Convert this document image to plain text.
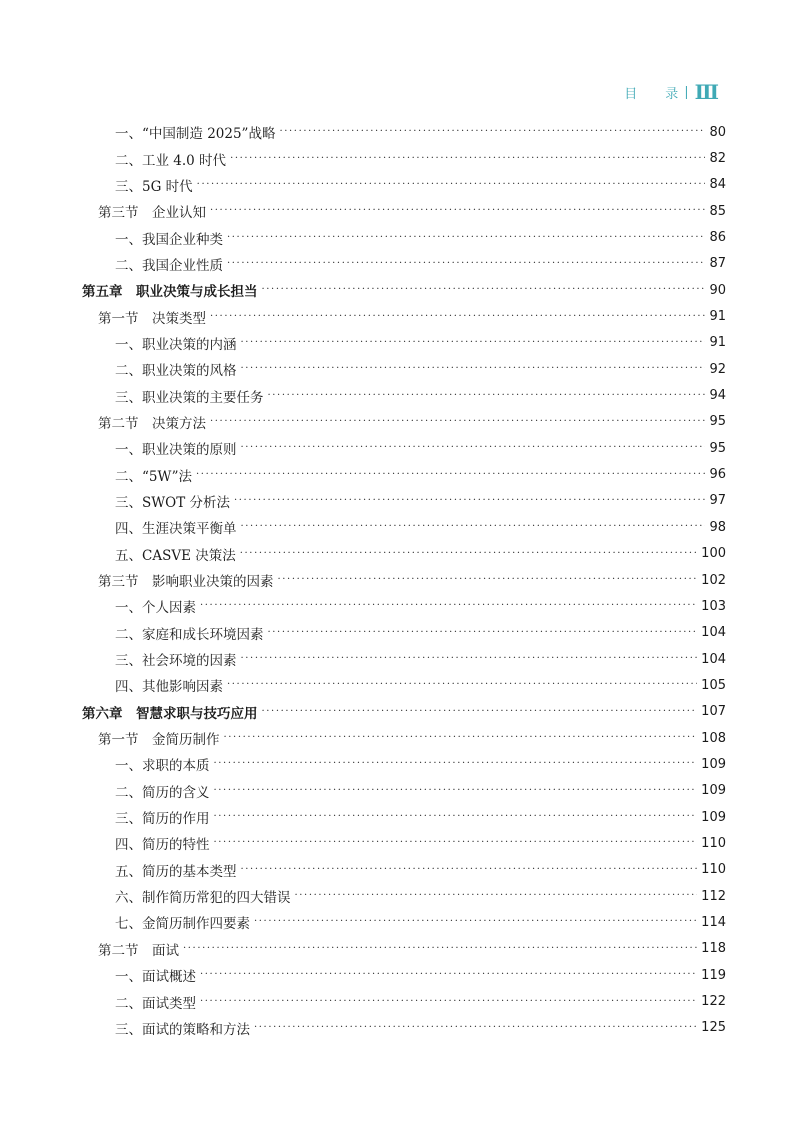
目 录 | Ⅲ
一、“中国制造 2025”战略 ·····	80
二、工业 4.0 时代 ·····	82
三、5G 时代 ·····	84
第三节　企业认知 ·····	85
一、我国企业种类 ·····	86
二、我国企业性质 ·····	87
第五章　职业决策与成长担当 ·····	90
第一节　决策类型 ·····	91
一、职业决策的内涵 ·····	91
二、职业决策的风格 ·····	92
三、职业决策的主要任务 ·····	94
第二节　决策方法 ·····	95
一、职业决策的原则 ·····	95
二、“5W”法 ·····	96
三、SWOT 分析法 ·····	97
四、生涯决策平衡单 ·····	98
五、CASVE 决策法 ·····	100
第三节　影响职业决策的因素 ·····	102
一、个人因素 ·····	103
二、家庭和成长环境因素 ·····	104
三、社会环境的因素 ·····	104
四、其他影响因素 ·····	105
第六章　智慧求职与技巧应用 ·····	107
第一节　金简历制作 ·····	108
一、求职的本质 ·····	109
二、简历的含义 ·····	109
三、简历的作用 ·····	109
四、简历的特性 ·····	110
五、简历的基本类型 ·····	110
六、制作简历常犯的四大错误 ·····	112
七、金简历制作四要素 ·····	114
第二节　面试 ·····	118
一、面试概述 ·····	119
二、面试类型 ·····	122
三、面试的策略和方法 ·····	125
